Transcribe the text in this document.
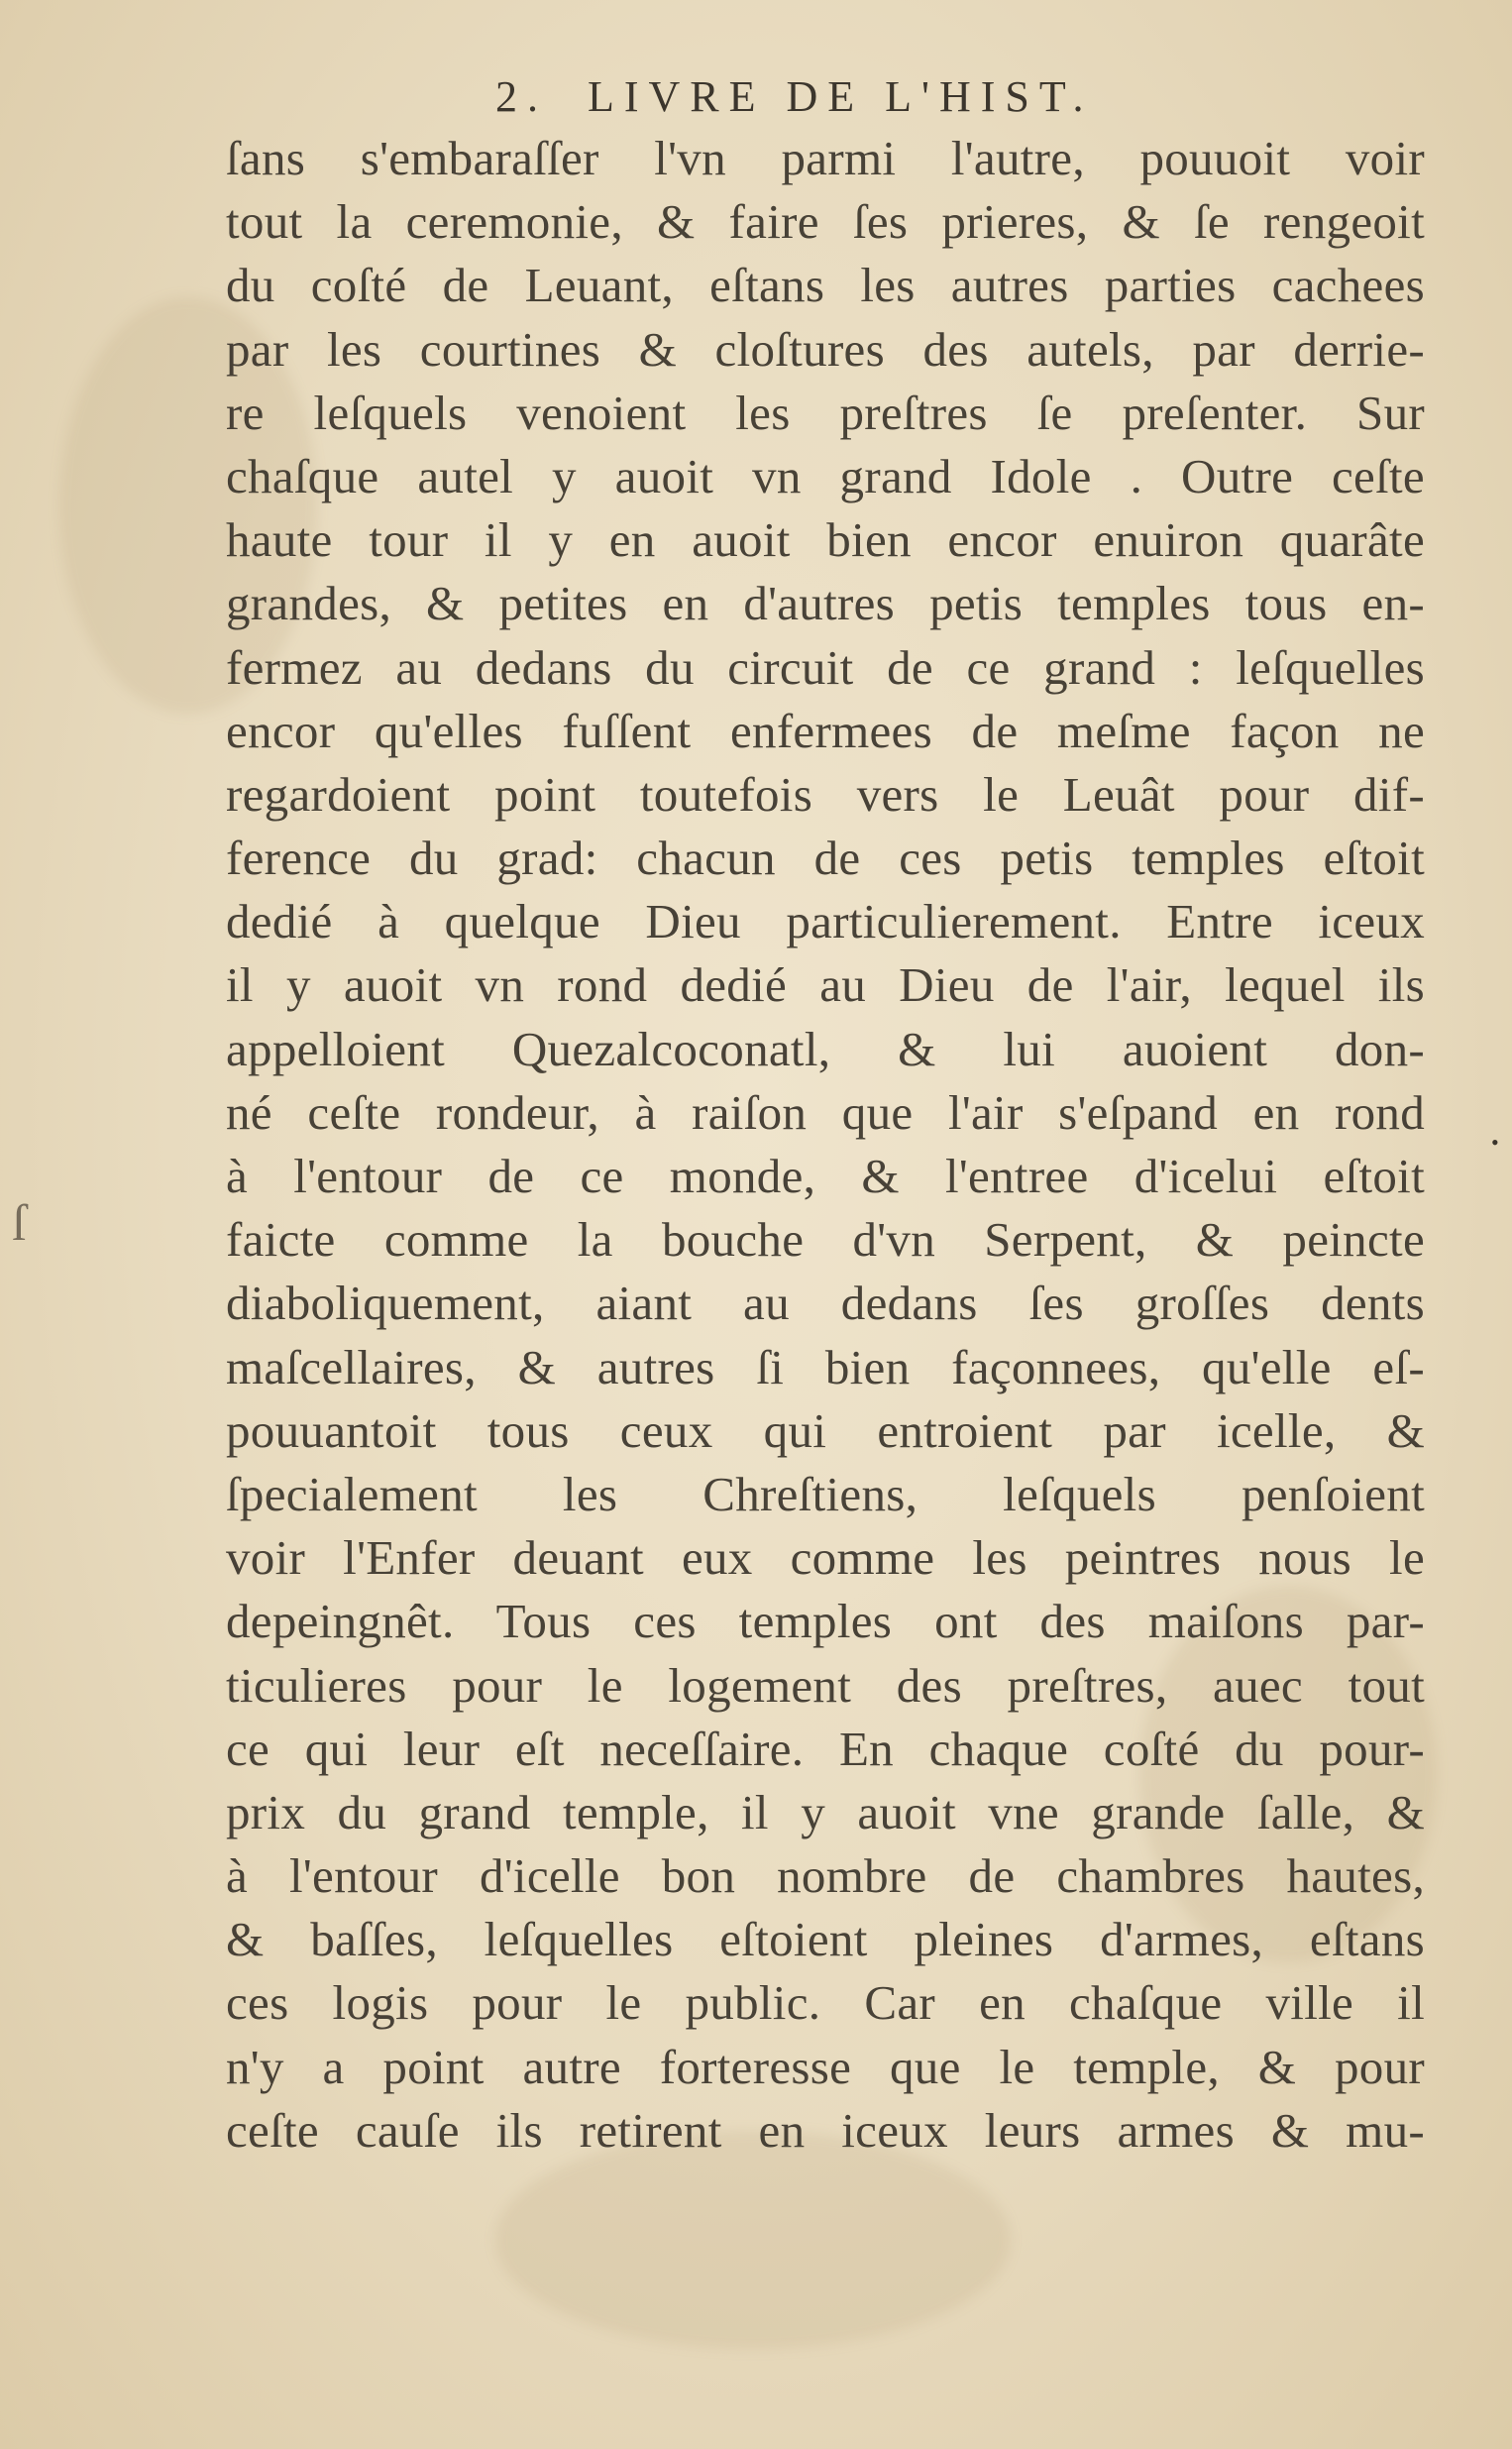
2. LIVRE DE L'HIST.
ſans s'embaraſſer l'vn parmi l'autre, pouuoit voir
tout la ceremonie, & faire ſes prieres, & ſe rengeoit
du coſté de Leuant, eſtans les autres parties cachees
par les courtines & cloſtures des autels, par derrie-
re leſquels venoient les preſtres ſe preſenter. Sur
chaſque autel y auoit vn grand Idole . Outre ceſte
haute tour il y en auoit bien encor enuiron quarâte
grandes, & petites en d'autres petis temples tous en-
fermez au dedans du circuit de ce grand : leſquelles
encor qu'elles fuſſent enfermees de meſme façon ne
regardoient point toutefois vers le Leuât pour dif-
ference du grad: chacun de ces petis temples eſtoit
dedié à quelque Dieu particulierement. Entre iceux
il y auoit vn rond dedié au Dieu de l'air, lequel ils
appelloient Quezalcoconatl, & lui auoient don-
né ceſte rondeur, à raiſon que l'air s'eſpand en rond
à l'entour de ce monde, & l'entree d'icelui eſtoit
faicte comme la bouche d'vn Serpent, & peincte
diaboliquement, aiant au dedans ſes groſſes dents
maſcellaires, & autres ſi bien façonnees, qu'elle eſ-
pouuantoit tous ceux qui entroient par icelle, &
ſpecialement les Chreſtiens, leſquels penſoient
voir l'Enfer deuant eux comme les peintres nous le
depeingnêt. Tous ces temples ont des maiſons par-
ticulieres pour le logement des preſtres, auec tout
ce qui leur eſt neceſſaire. En chaque coſté du pour-
prix du grand temple, il y auoit vne grande ſalle, &
à l'entour d'icelle bon nombre de chambres hautes,
& baſſes, leſquelles eſtoient pleines d'armes, eſtans
ces logis pour le public. Car en chaſque ville il
n'y a point autre forteresse que le temple, & pour
ceſte cauſe ils retirent en iceux leurs armes & mu-
ſ
•
